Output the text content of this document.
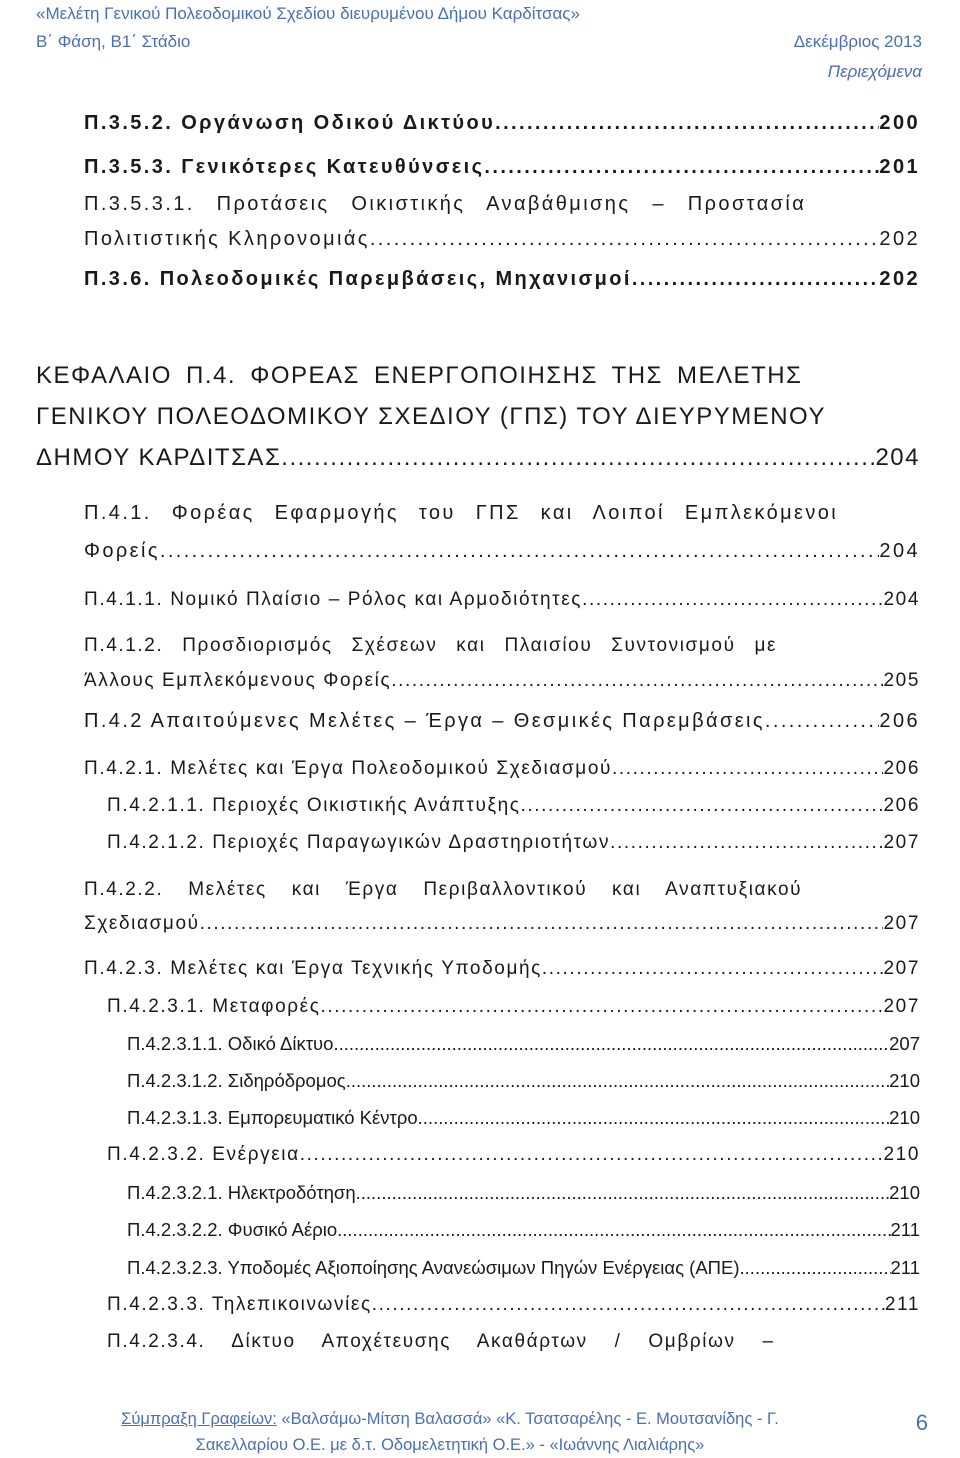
«Μελέτη Γενικού Πολεοδομικού Σχεδίου διευρυμένου Δήμου Καρδίτσας»
Β΄ Φάση, Β1΄ Στάδιο	Δεκέμβριος 2013
Περιεχόμενα
Π.3.5.2. Οργάνωση Οδικού Δικτύου .....	200
Π.3.5.3. Γενικότερες Κατευθύνσεις .....	201
Π.3.5.3.1. Προτάσεις Οικιστικής Αναβάθμισης – Προστασία
Πολιτιστικής Κληρονομιάς .....	202
Π.3.6. Πολεοδομικές Παρεμβάσεις, Μηχανισμοί .....	202
ΚΕΦΑΛΑΙΟ Π.4. ΦΟΡΕΑΣ ΕΝΕΡΓΟΠΟΙΗΣΗΣ ΤΗΣ ΜΕΛΕΤΗΣ
ΓΕΝΙΚΟΥ ΠΟΛΕΟΔΟΜΙΚΟΥ ΣΧΕΔΙΟΥ (ΓΠΣ) ΤΟΥ ΔΙΕΥΡΥΜΕΝΟΥ
ΔΗΜΟΥ ΚΑΡΔΙΤΣΑΣ .....	204
Π.4.1. Φορέας Εφαρμογής του ΓΠΣ και Λοιποί Εμπλεκόμενοι
Φορείς .....	204
Π.4.1.1. Νομικό Πλαίσιο – Ρόλος και Αρμοδιότητες .....	204
Π.4.1.2. Προσδιορισμός Σχέσεων και Πλαισίου Συντονισμού με
Άλλους Εμπλεκόμενους Φορείς .....	205
Π.4.2 Απαιτούμενες Μελέτες – Έργα – Θεσμικές Παρεμβάσεις .....	206
Π.4.2.1. Μελέτες και Έργα Πολεοδομικού Σχεδιασμού .....	206
Π.4.2.1.1. Περιοχές Οικιστικής Ανάπτυξης .....	206
Π.4.2.1.2. Περιοχές Παραγωγικών Δραστηριοτήτων .....	207
Π.4.2.2. Μελέτες και Έργα Περιβαλλοντικού και Αναπτυξιακού
Σχεδιασμού .....	207
Π.4.2.3. Μελέτες και Έργα Τεχνικής Υποδομής .....	207
Π.4.2.3.1. Μεταφορές .....	207
Π.4.2.3.1.1. Οδικό Δίκτυο .....	207
Π.4.2.3.1.2. Σιδηρόδρομος .....	210
Π.4.2.3.1.3. Εμπορευματικό Κέντρο .....	210
Π.4.2.3.2. Ενέργεια .....	210
Π.4.2.3.2.1. Ηλεκτροδότηση .....	210
Π.4.2.3.2.2. Φυσικό Αέριο .....	211
Π.4.2.3.2.3. Υποδομές Αξιοποίησης Ανανεώσιμων Πηγών Ενέργειας (ΑΠΕ) .....	211
Π.4.2.3.3. Τηλεπικοινωνίες .....	211
Π.4.2.3.4. Δίκτυο Αποχέτευσης Ακαθάρτων / Ομβρίων –
Σύμπραξη Γραφείων: «Βαλσάμω-Μίτση Βαλασσά» «Κ. Τσατσαρέλης - Ε. Μουτσανίδης - Γ.
Σακελλαρίου Ο.Ε. με δ.τ. Οδομελετητική Ο.Ε.» - «Ιωάννης Λιαλιάρης»
6
